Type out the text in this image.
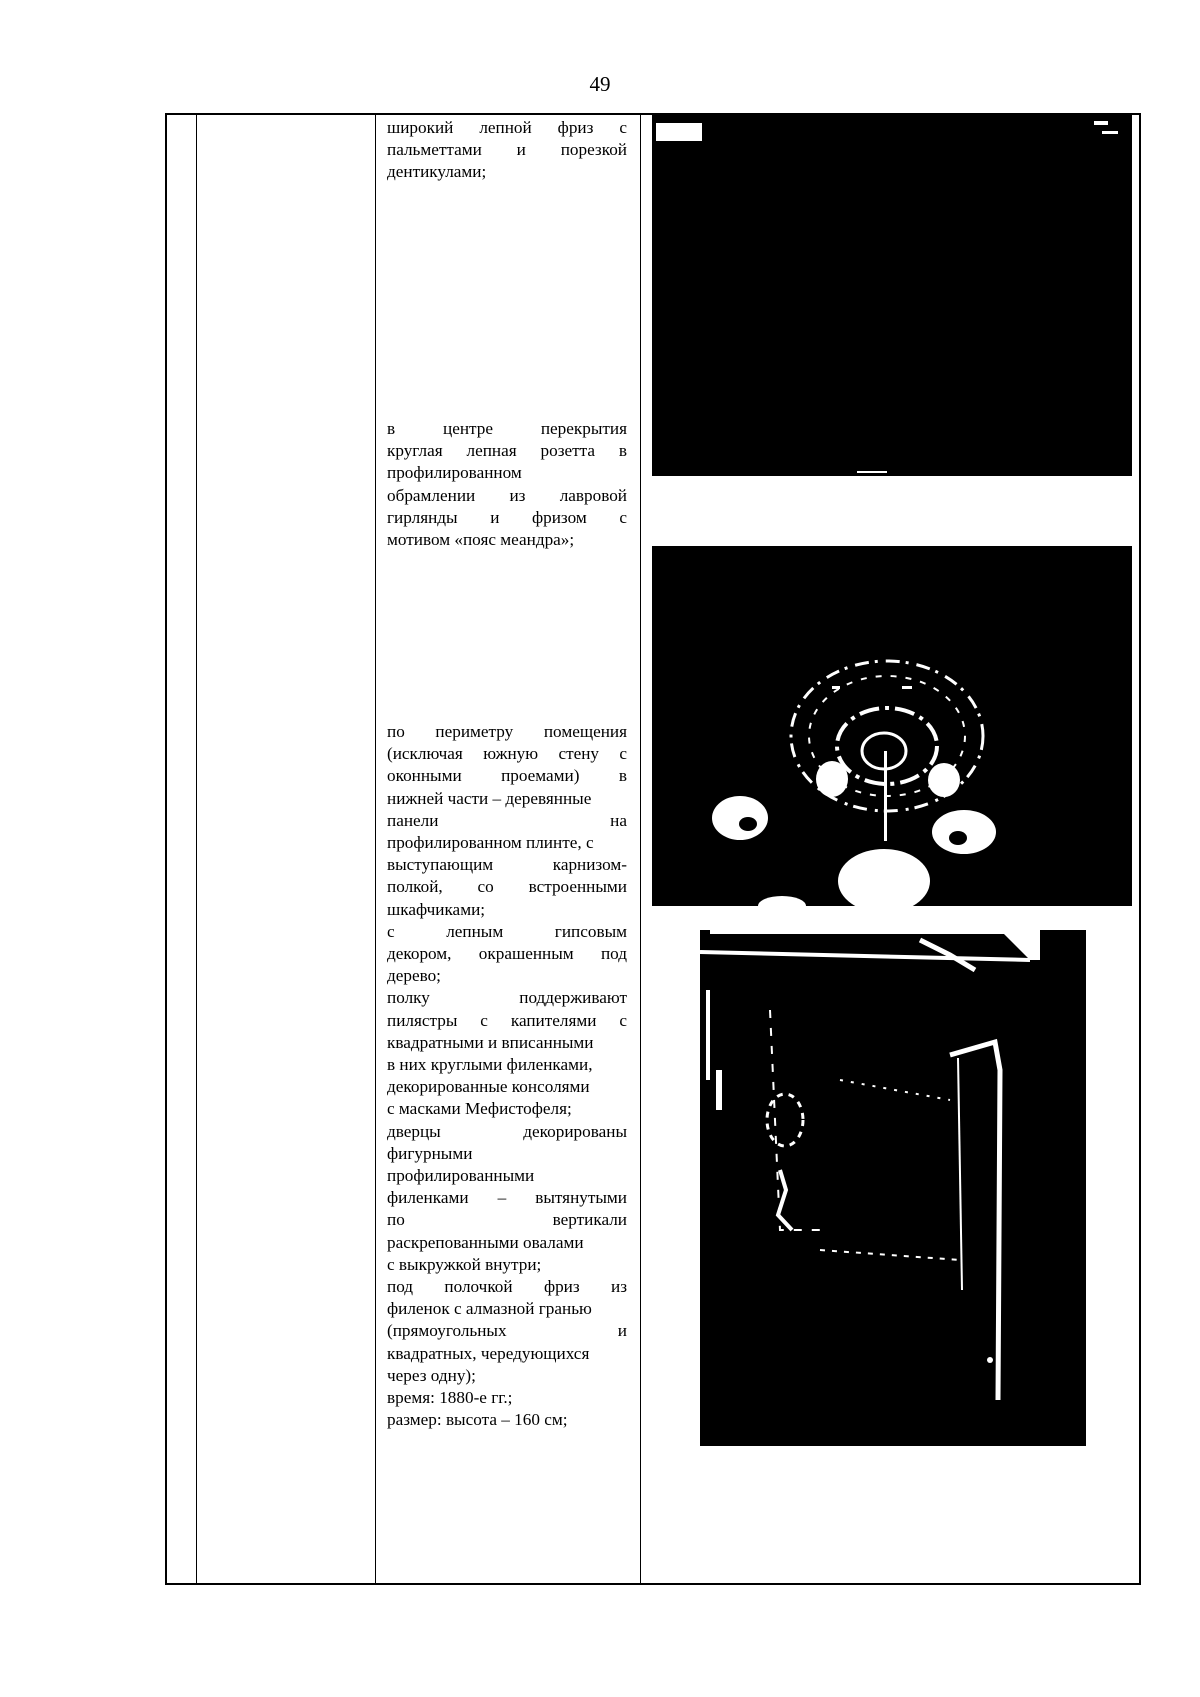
49
широкий лепной фриз с
пальметтами и порезкой
дентикулами;
в центре перекрытия
круглая лепная розетта в
профилированном
обрамлении из лавровой
гирлянды и фризом с
мотивом «пояс меандра»;
по периметру помещения
(исключая южную стену с
оконными проемами) в
нижней части – деревянные
панели на
профилированном плинте, с
выступающим карнизом-
полкой, со встроенными
шкафчиками;
с лепным гипсовым
декором, окрашенным под
дерево;
полку поддерживают
пилястры с капителями с
квадратными и вписанными
в них круглыми филенками,
декорированные консолями
с масками Мефистофеля;
дверцы декорированы
фигурными
профилированными
филенками – вытянутыми
по вертикали
раскрепованными овалами
с выкружкой внутри;
под полочкой фриз из
филенок с алмазной гранью
(прямоугольных и
квадратных, чередующихся
через одну);
время: 1880-е гг.;
размер: высота – 160 см;
